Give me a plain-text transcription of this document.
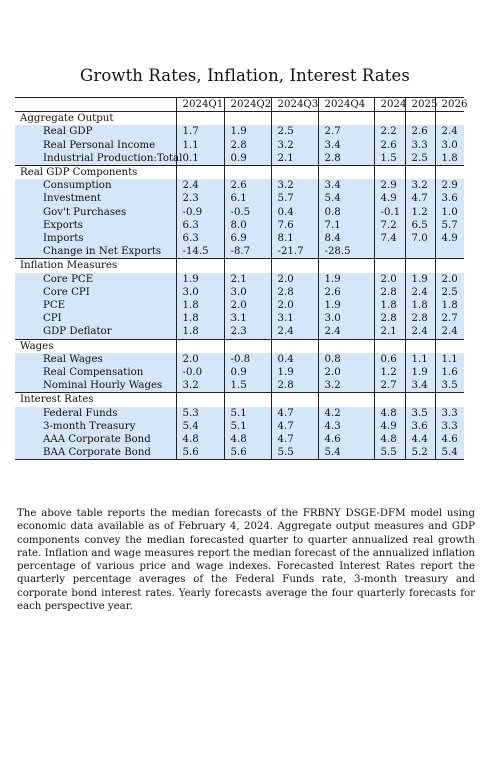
Growth Rates, Inflation, Interest Rates
	2024Q1	2024Q2	2024Q3	2024Q4	2024	2025	2026
Aggregate Output							
Real GDP	1.7	1.9	2.5	2.7	2.2	2.6	2.4
Real Personal Income	1.1	2.8	3.2	3.4	2.6	3.3	3.0
Industrial Production:Total	0.1	0.9	2.1	2.8	1.5	2.5	1.8
Real GDP Components							
Consumption	2.4	2.6	3.2	3.4	2.9	3.2	2.9
Investment	2.3	6.1	5.7	5.4	4.9	4.7	3.6
Gov't Purchases	-0.9	-0.5	0.4	0.8	-0.1	1.2	1.0
Exports	6.3	8.0	7.6	7.1	7.2	6.5	5.7
Imports	6.3	6.9	8.1	8.4	7.4	7.0	4.9
Change in Net Exports	-14.5	-8.7	-21.7	-28.5			
Inflation Measures							
Core PCE	1.9	2.1	2.0	1.9	2.0	1.9	2.0
Core CPI	3.0	3.0	2.8	2.6	2.8	2.4	2.5
PCE	1.8	2.0	2.0	1.9	1.8	1.8	1.8
CPI	1.8	3.1	3.1	3.0	2.8	2.8	2.7
GDP Deflator	1.8	2.3	2.4	2.4	2.1	2.4	2.4
Wages							
Real Wages	2.0	-0.8	0.4	0.8	0.6	1.1	1.1
Real Compensation	-0.0	0.9	1.9	2.0	1.2	1.9	1.6
Nominal Hourly Wages	3.2	1.5	2.8	3.2	2.7	3.4	3.5
Interest Rates							
Federal Funds	5.3	5.1	4.7	4.2	4.8	3.5	3.3
3-month Treasury	5.4	5.1	4.7	4.3	4.9	3.6	3.3
AAA Corporate Bond	4.8	4.8	4.7	4.6	4.8	4.4	4.6
BAA Corporate Bond	5.6	5.6	5.5	5.4	5.5	5.2	5.4
The above table reports the median forecasts of the FRBNY DSGE-DFM model using economic data available as of February 4, 2024. Aggregate output measures and GDP components convey the median forecasted quarter to quarter annualized real growth rate. Inflation and wage measures report the median forecast of the annualized inflation percentage of various price and wage indexes. Forecasted Interest Rates report the quarterly percentage averages of the Federal Funds rate, 3-month treasury and corporate bond interest rates. Yearly forecasts average the four quarterly forecasts for each perspective year.
